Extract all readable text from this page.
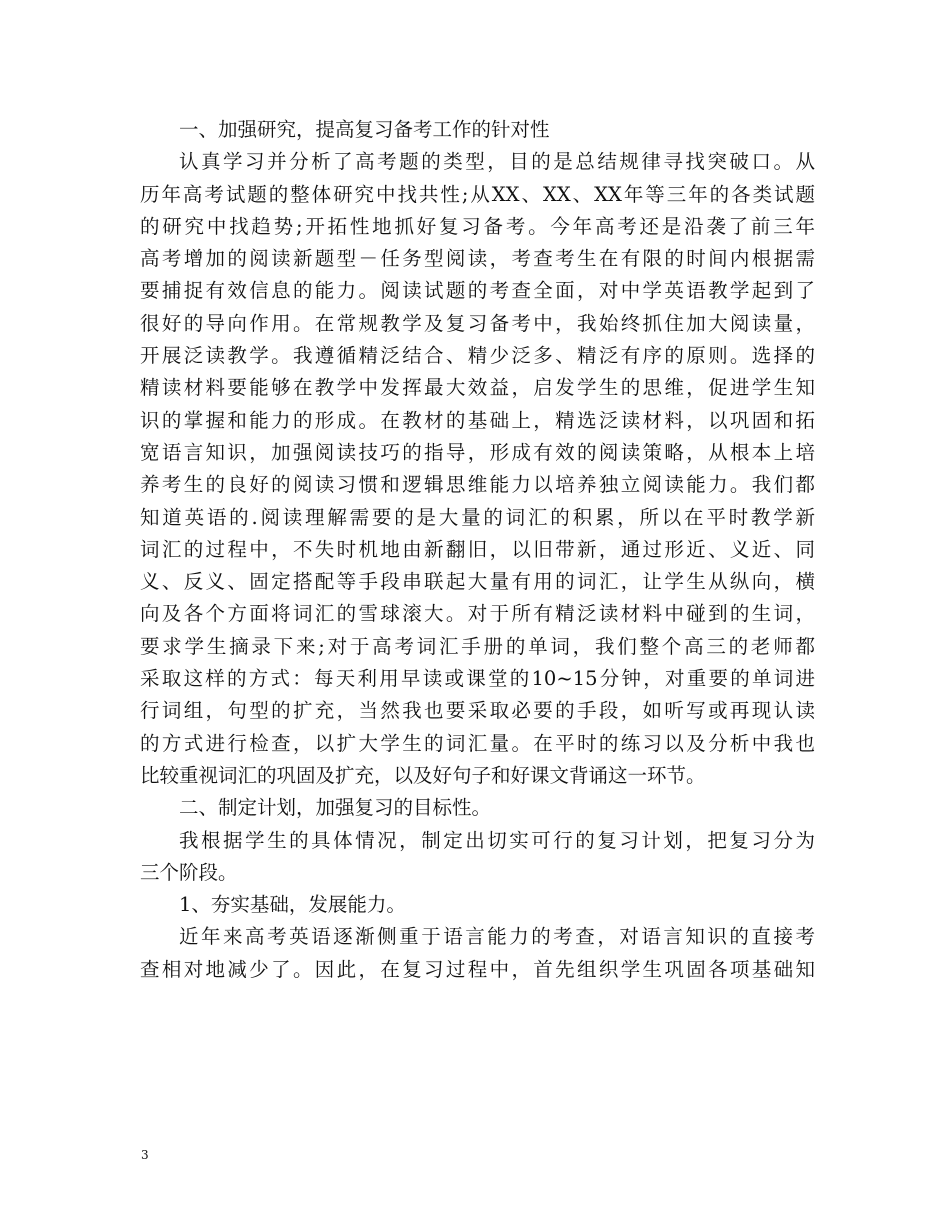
一、加强研究，提高复习备考工作的针对性
认真学习并分析了高考题的类型，目的是总结规律寻找突破口。从
历年高考试题的整体研究中找共性;从XX、XX、XX年等三年的各类试题
的研究中找趋势;开拓性地抓好复习备考。今年高考还是沿袭了前三年
高考增加的阅读新题型－任务型阅读，考查考生在有限的时间内根据需
要捕捉有效信息的能力。阅读试题的考查全面，对中学英语教学起到了
很好的导向作用。在常规教学及复习备考中，我始终抓住加大阅读量，
开展泛读教学。我遵循精泛结合、精少泛多、精泛有序的原则。选择的
精读材料要能够在教学中发挥最大效益，启发学生的思维，促进学生知
识的掌握和能力的形成。在教材的基础上，精选泛读材料，以巩固和拓
宽语言知识，加强阅读技巧的指导，形成有效的阅读策略，从根本上培
养考生的良好的阅读习惯和逻辑思维能力以培养独立阅读能力。我们都
知道英语的.阅读理解需要的是大量的词汇的积累，所以在平时教学新
词汇的过程中，不失时机地由新翻旧，以旧带新，通过形近、义近、同
义、反义、固定搭配等手段串联起大量有用的词汇，让学生从纵向，横
向及各个方面将词汇的雪球滚大。对于所有精泛读材料中碰到的生词，
要求学生摘录下来;对于高考词汇手册的单词，我们整个高三的老师都
采取这样的方式：每天利用早读或课堂的10~15分钟，对重要的单词进
行词组，句型的扩充，当然我也要采取必要的手段，如听写或再现认读
的方式进行检查，以扩大学生的词汇量。在平时的练习以及分析中我也
比较重视词汇的巩固及扩充，以及好句子和好课文背诵这一环节。
二、制定计划，加强复习的目标性。
我根据学生的具体情况，制定出切实可行的复习计划，把复习分为
三个阶段。
1、夯实基础，发展能力。
近年来高考英语逐渐侧重于语言能力的考查，对语言知识的直接考
查相对地减少了。因此，在复习过程中，首先组织学生巩固各项基础知
3
